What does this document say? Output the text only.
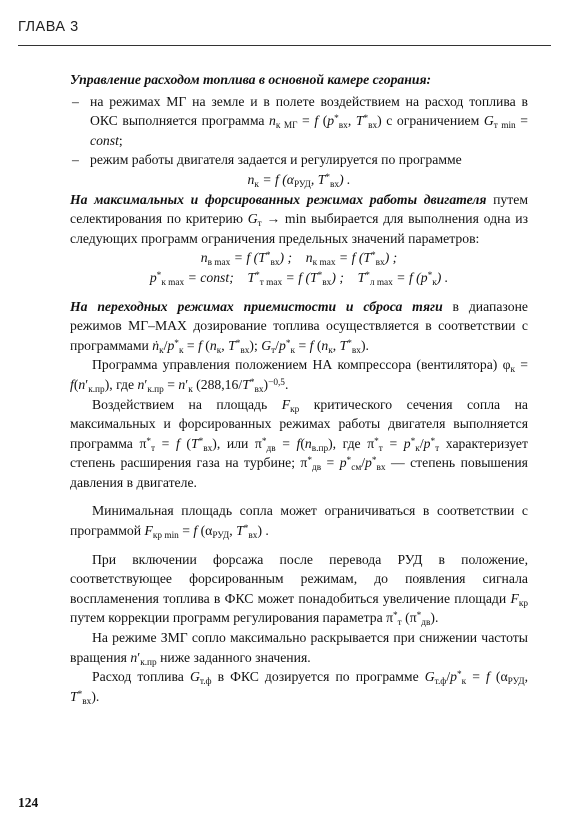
ГЛАВА 3

Управление расходом топлива в основной камере сгорания:

– на режимах МГ на земле и в полете воздействием на расход топлива в ОКС выполняется программа $n_{к МГ} = f$ ($p^*_{вх}$, $T^*_{вх}$) с ограничением $G_{т min}$ = const;
– режим работы двигателя задается и регулируется по программе

$n_к = f$ ($\alpha_{РУД}$, $T^*_{вх}$) .

На максимальных и форсированных режимах работы двигателя путем селектирования по критерию $G_т \to \min$ выбирается для выполнения одна из следующих программ ограничения предельных значений параметров:

$n_{в max} = f$ $(T^*_{вх})$ ;    $n_{к max} = f$ $(T^*_{вх})$ ;

$p^*_{к max}$ = const;    $T^*_{т max} = f$ $(T^*_{вх})$ ;    $T^*_{л max} = f$ $(p^*_к)$ .

На переходных режимах приемистости и сброса тяги в диапазоне режимов МГ–МАХ дозирование топлива осуществляется в соответствии с программами $ṅ_к/p^*_к = f$ ($n_к$, $T^*_{вх}$); $G_т/p^*_к = f$ ($n_к$, $T^*_{вх}$).

Программа управления положением НА компрессора (вентилятора) $\varphi_к = f(n'_{к.пр})$, где $n'_{к.пр} = n'_к$ $(288,16/T^*_{вх})^{-0,5}$.

Воздействием на площадь $F_{кр}$ критического сечения сопла на максимальных и форсированных режимах работы двигателя выполняется программа $\pi^*_т = f$ $(T^*_{вх})$, или $\pi^*_{дв} = f(n_{в.пр})$, где $\pi^*_т = p^*_к/p^*_т$ характеризует степень расширения газа на турбине; $\pi^*_{дв} = p^*_{см}/p^*_{вх}$ — степень повышения давления в двигателе.

Минимальная площадь сопла может ограничиваться в соответствии с программой $F_{кр min} = f$ ($\alpha_{РУД}$, $T^*_{вх}$) .

При включении форсажа после перевода РУД в положение, соответствующее форсированным режимам, до появления сигнала воспламенения топлива в ФКС может понадобиться увеличение площади $F_{кр}$ путем коррекции программ регулирования параметра $\pi^*_т$ $(\pi^*_{дв})$.

На режиме ЗМГ сопло максимально раскрывается при снижении частоты вращения $n'_{к.пр}$ ниже заданного значения.

Расход топлива $G_{т.ф}$ в ФКС дозируется по программе $G_{т.ф}/p^*_к = f$ ($\alpha_{РУД}$, $T^*_{вх}$).

124
